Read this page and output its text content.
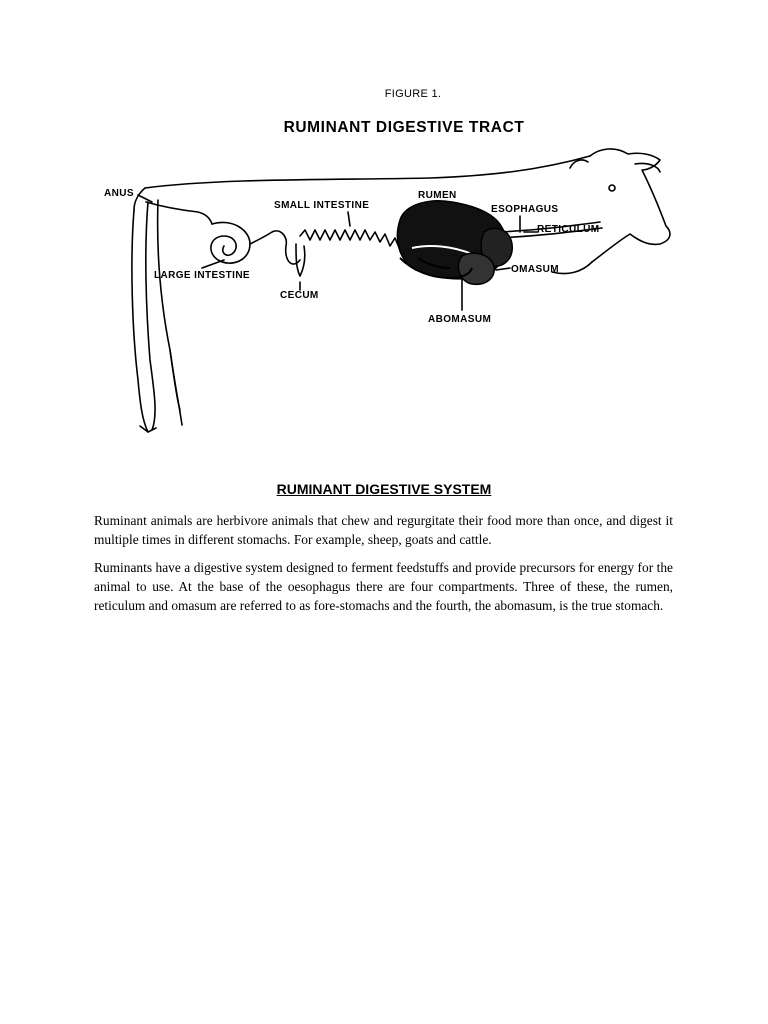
FIGURE 1.
RUMINANT DIGESTIVE TRACT
ANUS
SMALL INTESTINE
RUMEN
ESOPHAGUS
RETICULUM
LARGE INTESTINE
CECUM
OMASUM
ABOMASUM
RUMINANT DIGESTIVE SYSTEM

Ruminant animals are herbivore animals that chew and regurgitate their food more than once, and digest it multiple times in different stomachs. For example, sheep, goats and cattle.

Ruminants have a digestive system designed to ferment feedstuffs and provide precursors for energy for the animal to use. At the base of the oesophagus there are four compartments. Three of these, the rumen, reticulum and omasum are referred to as fore-stomachs and the fourth, the abomasum, is the true stomach.
